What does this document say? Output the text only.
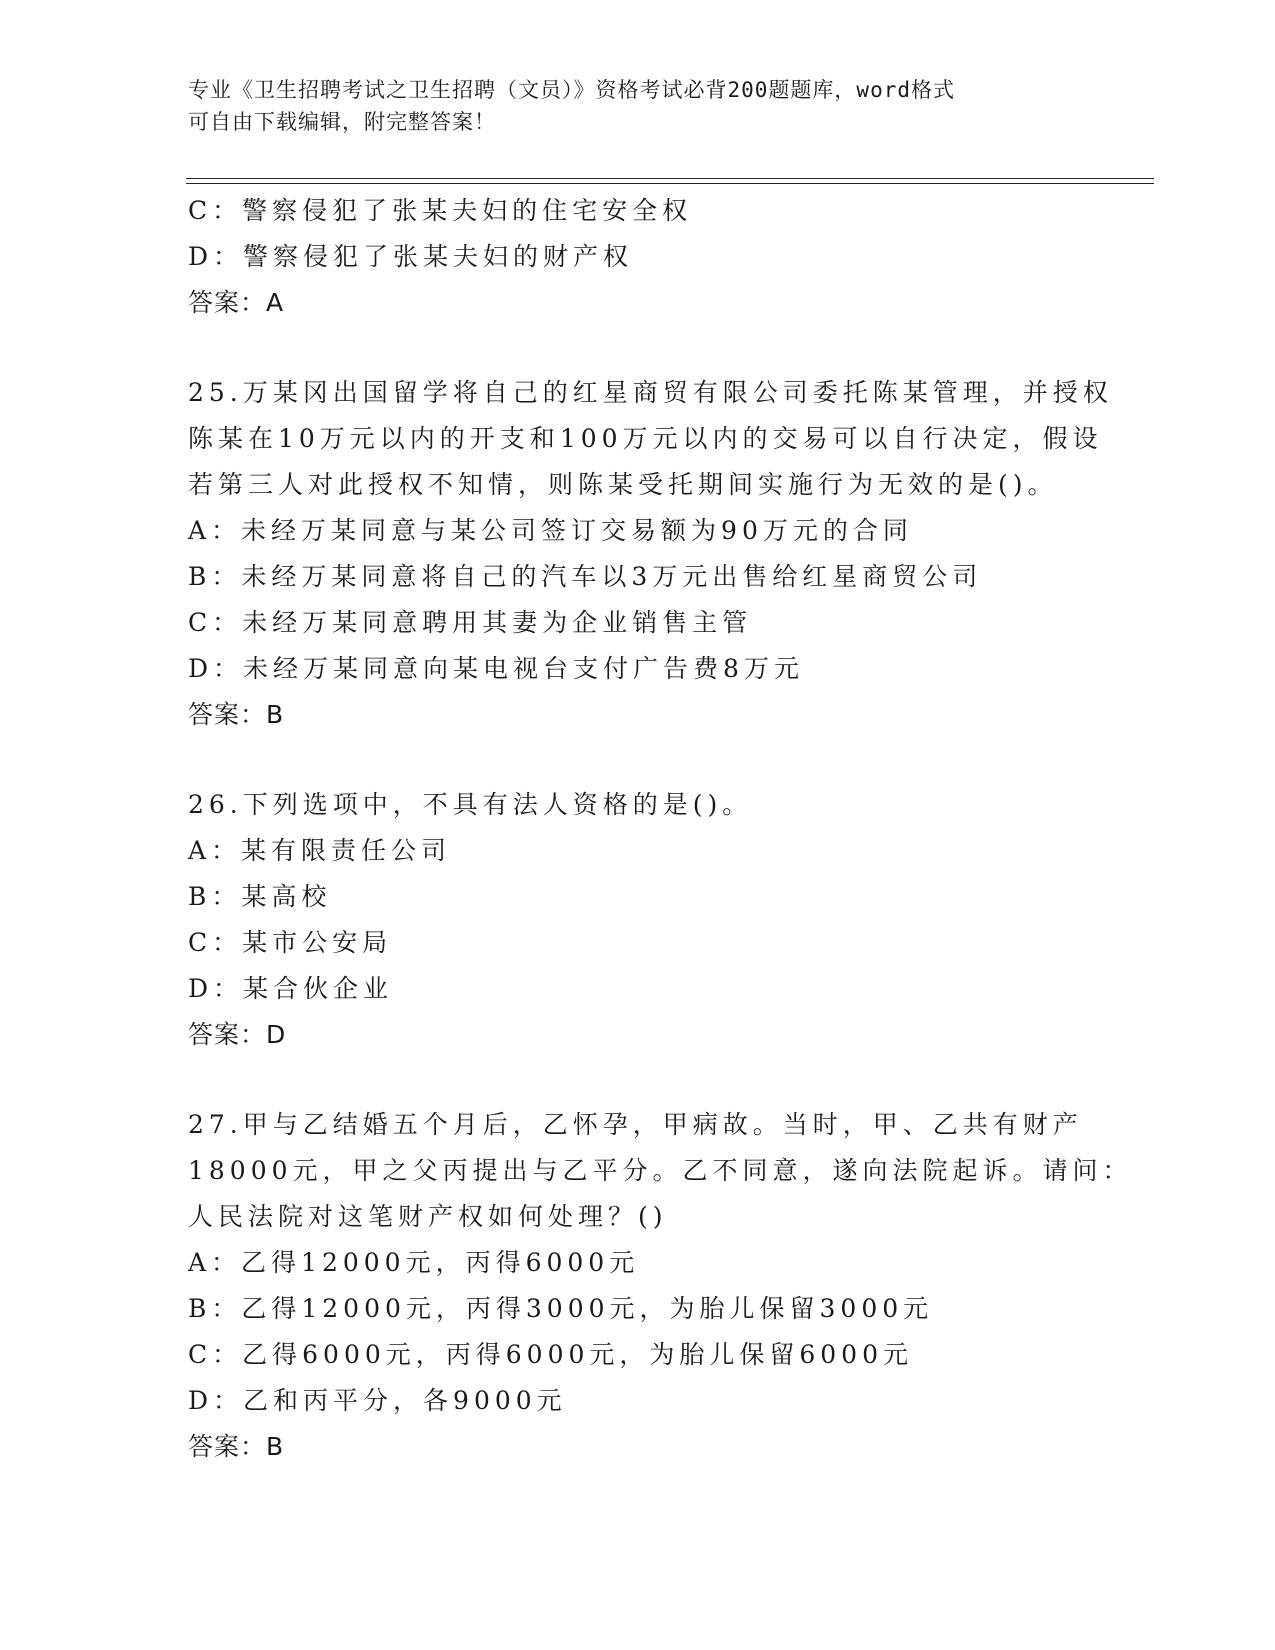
专业《卫生招聘考试之卫生招聘（文员）》资格考试必背200题题库，word格式
可自由下载编辑，附完整答案！
C：警察侵犯了张某夫妇的住宅安全权
D：警察侵犯了张某夫妇的财产权
答案：A
25.万某冈出国留学将自己的红星商贸有限公司委托陈某管理，并授权
陈某在10万元以内的开支和100万元以内的交易可以自行决定，假设
若第三人对此授权不知情，则陈某受托期间实施行为无效的是()。
A：未经万某同意与某公司签订交易额为90万元的合同
B：未经万某同意将自己的汽车以3万元出售给红星商贸公司
C：未经万某同意聘用其妻为企业销售主管
D：未经万某同意向某电视台支付广告费8万元
答案：B
26.下列选项中，不具有法人资格的是()。
A：某有限责任公司
B：某高校
C：某市公安局
D：某合伙企业
答案：D
27.甲与乙结婚五个月后，乙怀孕，甲病故。当时，甲、乙共有财产
18000元，甲之父丙提出与乙平分。乙不同意，遂向法院起诉。请问：
人民法院对这笔财产权如何处理？()
A：乙得12000元，丙得6000元
B：乙得12000元，丙得3000元，为胎儿保留3000元
C：乙得6000元，丙得6000元，为胎儿保留6000元
D：乙和丙平分，各9000元
答案：B
